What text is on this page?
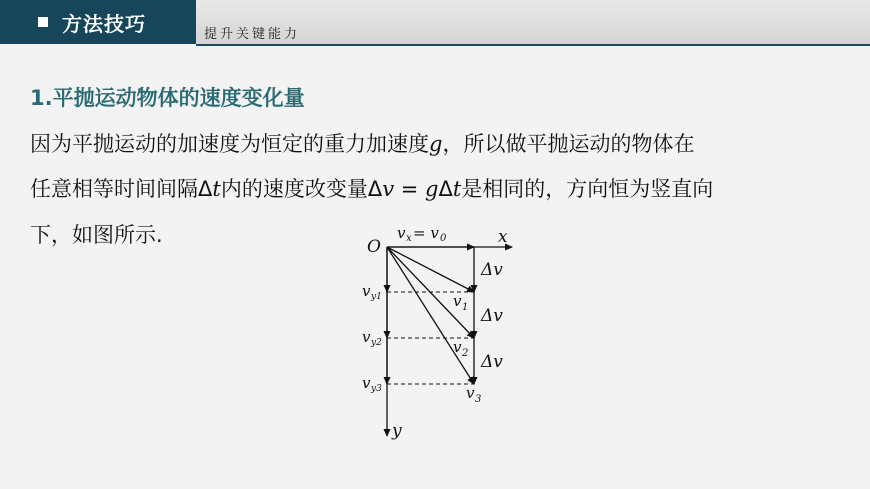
方法技巧	提升关键能力
1.平抛运动物体的速度变化量
因为平抛运动的加速度为恒定的重力加速度g，所以做平抛运动的物体在
任意相等时间间隔Δt内的速度改变量Δv = gΔt是相同的，方向恒为竖直向
下，如图所示.	O	x
y
v x = v 0
Δv
Δv
Δv
v 1
v 2
v 3
v y1
v y2
v y3
